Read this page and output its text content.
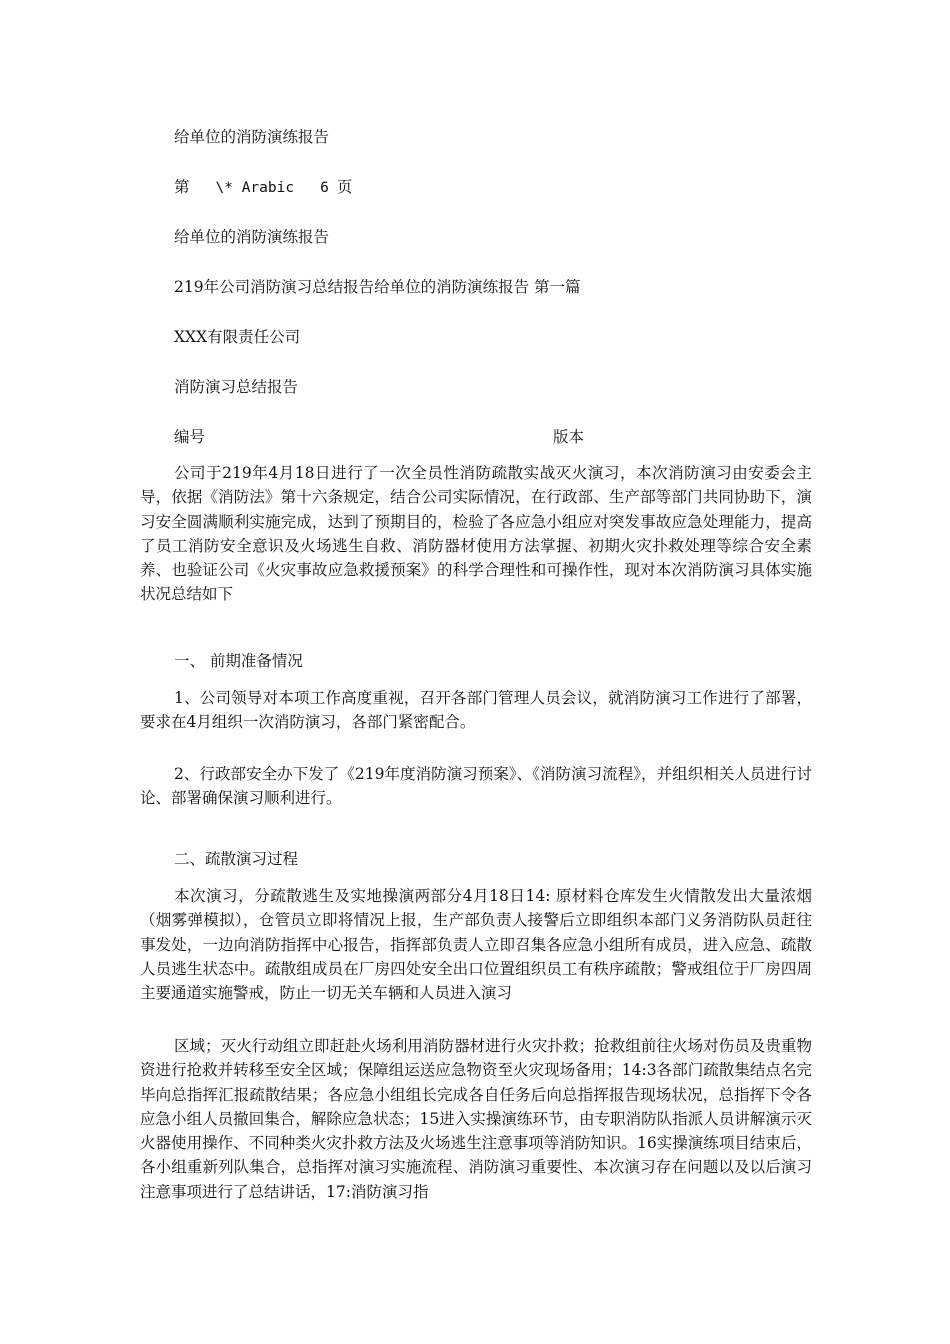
给单位的消防演练报告
第 \* Arabic 6 页
给单位的消防演练报告
219年公司消防演习总结报告给单位的消防演练报告 第一篇
XXX有限责任公司
消防演习总结报告
编号	版本

公司于219年4月18日进行了一次全员性消防疏散实战灭火演习，本次消防演习由安委会主导，依据《消防法》第十六条规定，结合公司实际情况，在行政部、生产部等部门共同协助下，演习安全圆满顺利实施完成，达到了预期目的，检验了各应急小组应对突发事故应急处理能力，提高了员工消防安全意识及火场逃生自救、消防器材使用方法掌握、初期火灾扑救处理等综合安全素养、也验证公司《火灾事故应急救援预案》的科学合理性和可操作性，现对本次消防演习具体实施状况总结如下

一、 前期准备情况

1、公司领导对本项工作高度重视，召开各部门管理人员会议，就消防演习工作进行了部署，要求在4月组织一次消防演习，各部门紧密配合。

2、行政部安全办下发了《219年度消防演习预案》、《消防演习流程》，并组织相关人员进行讨论、部署确保演习顺利进行。

二、疏散演习过程

本次演习，分疏散逃生及实地操演两部分4月18日14: 原材料仓库发生火情散发出大量浓烟（烟雾弹模拟），仓管员立即将情况上报，生产部负责人接警后立即组织本部门义务消防队员赶往事发处，一边向消防指挥中心报告，指挥部负责人立即召集各应急小组所有成员，进入应急、疏散人员逃生状态中。疏散组成员在厂房四处安全出口位置组织员工有秩序疏散；警戒组位于厂房四周主要通道实施警戒，防止一切无关车辆和人员进入演习

区域；灭火行动组立即赶赴火场利用消防器材进行火灾扑救；抢救组前往火场对伤员及贵重物资进行抢救并转移至安全区域；保障组运送应急物资至火灾现场备用；14:3各部门疏散集结点名完毕向总指挥汇报疏散结果；各应急小组组长完成各自任务后向总指挥报告现场状况，总指挥下令各应急小组人员撤回集合，解除应急状态；15进入实操演练环节，由专职消防队指派人员讲解演示灭火器使用操作、不同种类火灾扑救方法及火场逃生注意事项等消防知识。16实操演练项目结束后，各小组重新列队集合，总指挥对演习实施流程、消防演习重要性、本次演习存在问题以及以后演习注意事项进行了总结讲话，17:消防演习指
